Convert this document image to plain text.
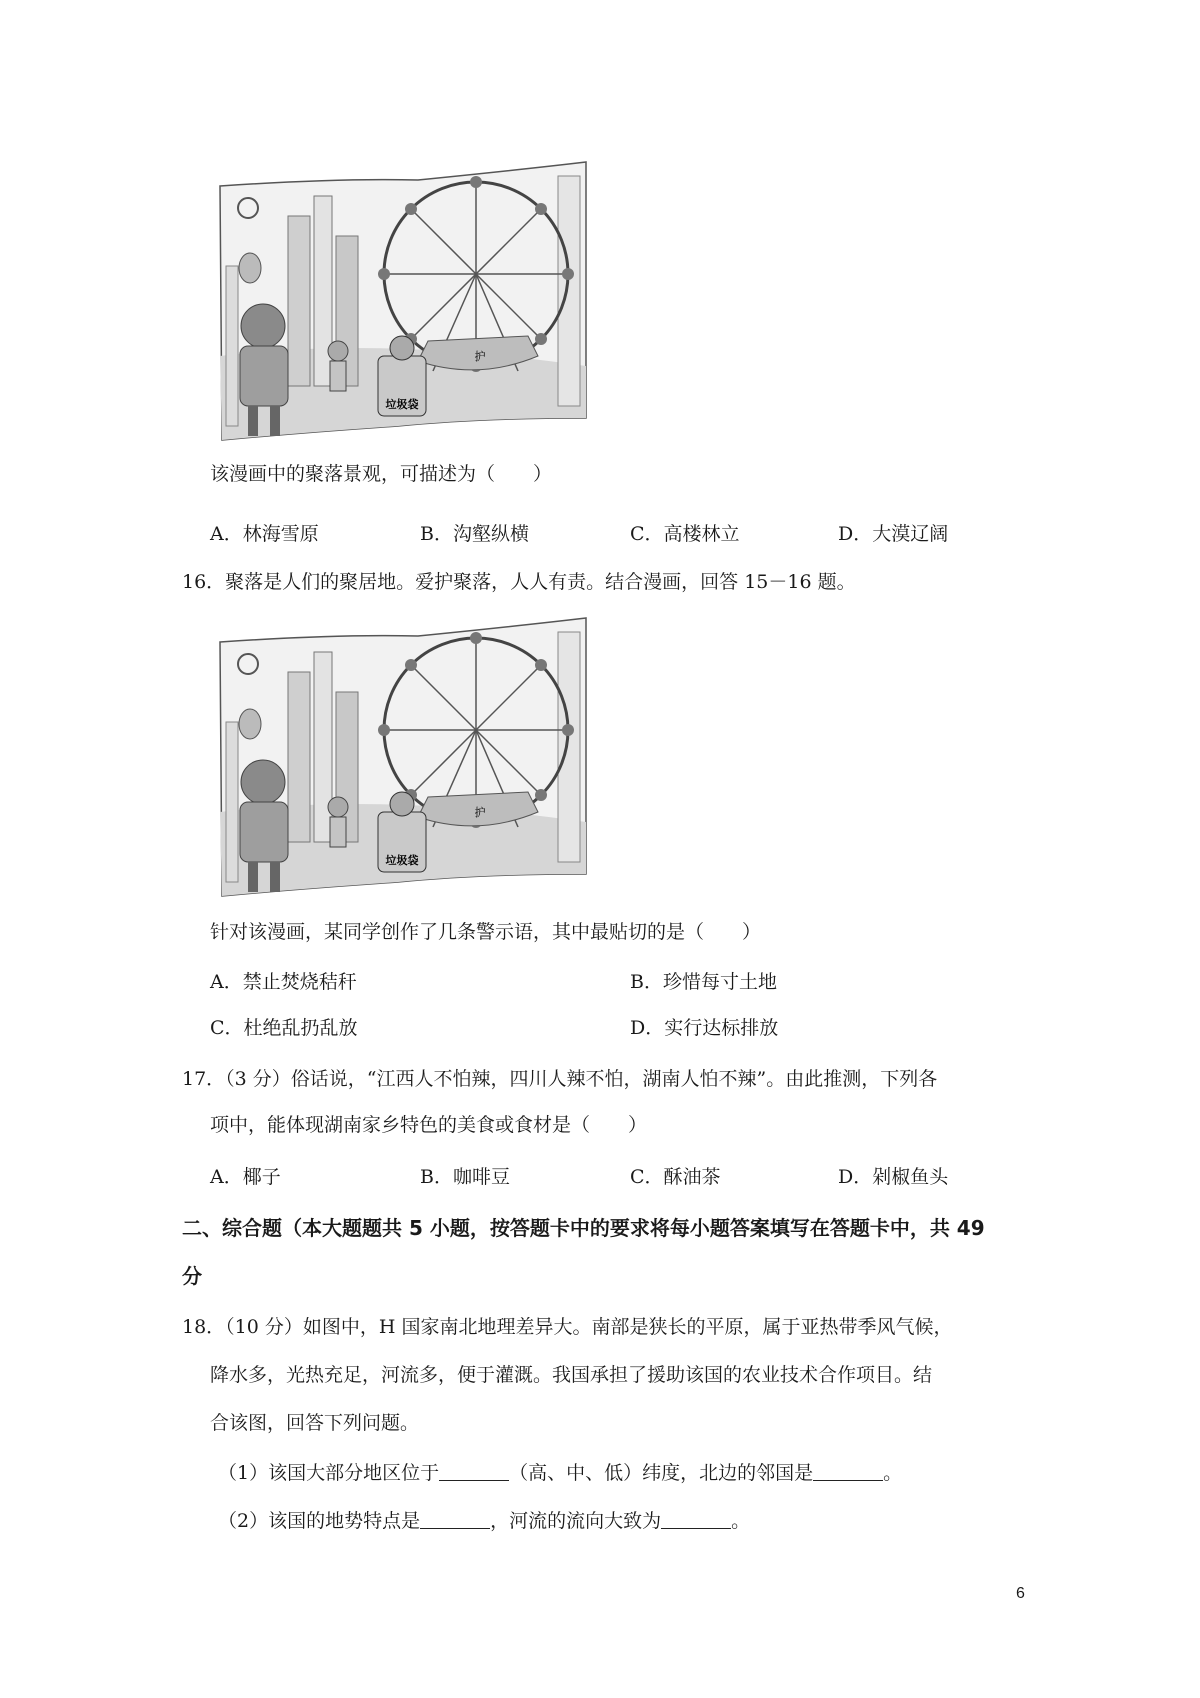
垃圾袋
护
该漫画中的聚落景观，可描述为（　　）
A．林海雪原	B．沟壑纵横	C．高楼林立	D．大漠辽阔
16．聚落是人们的聚居地。爱护聚落，人人有责。结合漫画，回答 15－16 题。
垃圾袋
护
针对该漫画，某同学创作了几条警示语，其中最贴切的是（　　）
A．禁止焚烧秸秆	B．珍惜每寸土地
C．杜绝乱扔乱放	D．实行达标排放
17．（3 分）俗话说，“江西人不怕辣，四川人辣不怕，湖南人怕不辣”。由此推测，下列各
项中，能体现湖南家乡特色的美食或食材是（　　）
A．椰子	B．咖啡豆	C．酥油茶	D．剁椒鱼头
二、综合题（本大题题共 5 小题，按答题卡中的要求将每小题答案填写在答题卡中，共 49
分
18．（10 分）如图中，H 国家南北地理差异大。南部是狭长的平原，属于亚热带季风气候，
降水多，光热充足，河流多，便于灌溉。我国承担了援助该国的农业技术合作项目。结
合该图，回答下列问题。
（1）该国大部分地区位于	（高、中、低）纬度，北边的邻国是	。
（2）该国的地势特点是	，河流的流向大致为	。
6
